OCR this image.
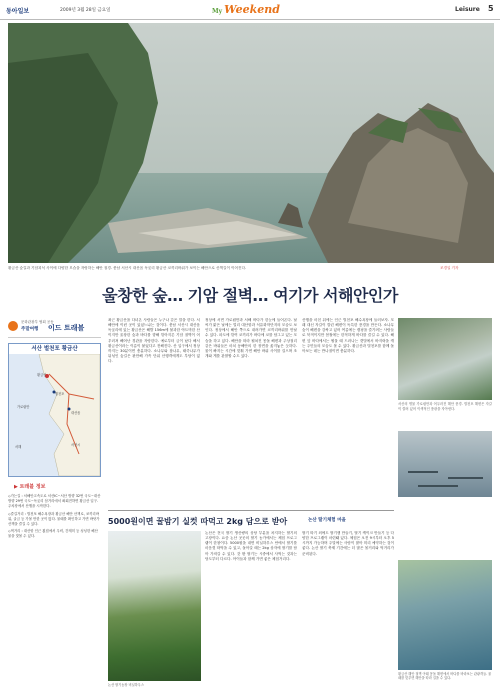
동아일보	2009년 3월 28일 금요일	My Weekend	Leisure 5
황금산 숲길과 기암괴석 사이에 다양한 모습을 자랑하는 해안 절경. 충남 서산시 대산읍 독곶리 황금산 코끼리바위가 보이는 해안으로 산책길이 이어진다.	조경일 기자
울창한 숲… 기암 절벽… 여기가 서해안인가
문화관광부 협회 공동
주말여행 이드 트래블
서산 벌천포 황금산
황금산
벌천포
대산읍
서산시
가로림만
서해
▶ 트래블 정보

◇가는길 : 서해안고속도로 서산IC~서산 방향 32번 국도~대산 방향 29번 국도~독곶리 삼거리에서 좌회전하면 황금산 입구. 주차장에서 산행을 시작한다.

◇즐길거리 : 벌천포 해수욕장과 황금산 해안 산책로, 코끼리바위, 굴금 등 가볼 만한 곳이 많다. 물때를 확인하고 가면 바닷가 산책을 즐길 수 있다.

◇먹거리 : 대산항 인근 횟집에서 우럭, 간재미 등 싱싱한 해산물을 맛볼 수 있다.

최근 황금산을 다녀온 사람들은 누구나 같은 말을 한다. 서해안에 이런 곳이 있었느냐는 것이다. 충남 서산시 대산읍 독곶리에 있는 황금산은 해발 156m에 불과한 야트막한 산이지만 울창한 숲과 바다를 향해 깎아지른 기암 절벽이 어우러져 빼어난 경관을 자랑한다. 예로부터 금이 났다 해서 황금산이라는 이름이 붙었다고 전해진다. 산 입구에서 정상까지는 30분이면 충분하다. 소나무와 참나무, 때죽나무가 뒤섞인 숲길은 완만해 가족 단위 산행객에게도 부담이 없다.
정상에 서면 가로림만과 서해 바다가 한눈에 들어온다. 날씨가 맑은 날에는 멀리 대산항과 석유화학단지의 모습도 보인다. 정상에서 해안 쪽으로 내려가면 코끼리바위를 만날 수 있다. 파도에 깎여 코끼리가 바다에 코를 담그고 있는 모습을 하고 있다. 해안을 따라 펼쳐진 몽돌 해변과 주상절리 같은 바위들은 마치 동해안의 한 장면을 옮겨놓은 듯하다. 물이 빠지는 시간에 맞춰 가면 해안 바위 사이를 걸으며 조개와 게를 관찰할 수도 있다.
산행을 마친 뒤에는 인근 벌천포 해수욕장에 들러보자. 모래 대신 자갈이 깔린 해변이 독특한 풍경을 만든다. 소나무 숲이 해변을 감싸고 있어 여름에는 캠핑을 즐기려는 사람들로 북적이지만 봄철에는 한적하게 바다를 즐길 수 있다. 해변 앞 바다에서는 썰물 때 드러나는 갯벌에서 바지락을 캐는 주민들의 모습도 볼 수 있다. 황금산과 벌천포를 함께 돌아보는 데는 반나절이면 충분하다.
서산의 명물 가로림만과 어우러진 해안 풍경. 벌천포 해변은 자갈이 깔려 있어 이색적인 풍광을 자아낸다.
5000원이면 꿀밤기 실컷 따먹고 2kg 담으로 받아	논산 딸기체험 마을
논산 딸기농장 비닐하우스
논산은 전국 딸기 생산량의 상당 부분을 차지하는 딸기의 고장이다. 요즘 논산 곳곳의 딸기 농가에서는 체험 프로그램이 한창이다. 5000원을 내면 비닐하우스 안에서 딸기를 마음껏 따먹을 수 있고, 돌아갈 때는 2kg 상자에 딸기를 담아 가져갈 수 있다. 갓 딴 딸기는 시중에서 사먹는 것과는 당도부터 다르다. 아이들과 함께 가면 좋은 체험거리다.
딸기 따기 외에도 딸기잼 만들기, 딸기 케이크 만들기 등 다양한 프로그램이 마련돼 있다. 체험은 오전 9시부터 오후 5시까지 가능하며 주말에는 사람이 많아 미리 예약하는 것이 좋다. 논산 딸기 축제 기간에는 더 많은 볼거리와 먹거리가 준비된다.
황금산 해안 절벽 아래 몽돌 해변에서 바다를 바라보는 관광객들. 물때를 맞추면 해안을 따라 걸을 수 있다.
